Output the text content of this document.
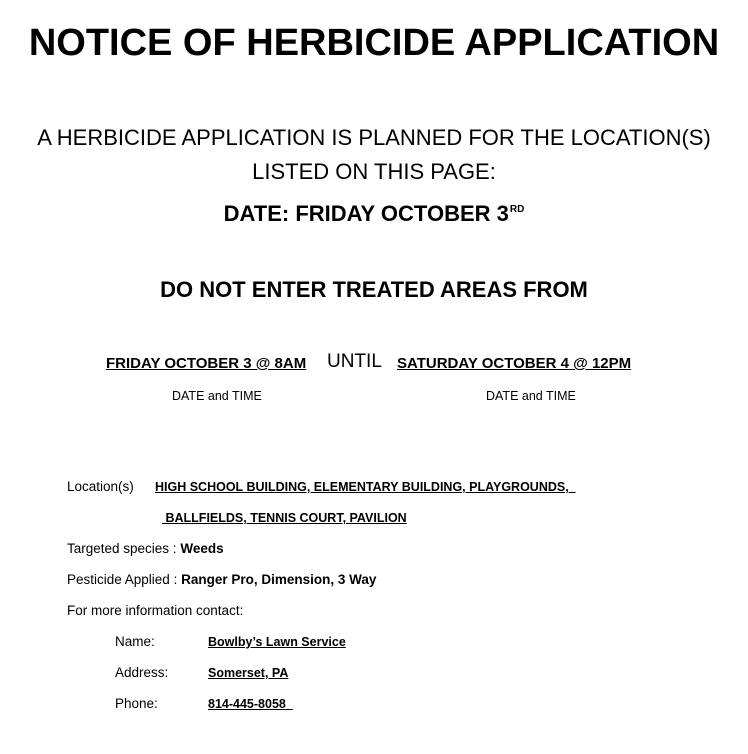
NOTICE OF HERBICIDE APPLICATION
A HERBICIDE APPLICATION IS PLANNED FOR THE LOCATION(S)
LISTED ON THIS PAGE:
DATE: FRIDAY OCTOBER 3RD
DO NOT ENTER TREATED AREAS FROM
FRIDAY OCTOBER 3 @ 8AM UNTIL SATURDAY OCTOBER 4 @ 12PM
DATE and TIME	DATE and TIME
Location(s) HIGH SCHOOL BUILDING, ELEMENTARY BUILDING, PLAYGROUNDS,
BALLFIELDS, TENNIS COURT, PAVILION
Targeted species : Weeds
Pesticide Applied : Ranger Pro, Dimension, 3 Way
For more information contact:
Name:	Bowlby’s Lawn Service
Address:	Somerset, PA
Phone:	814-445-8058
